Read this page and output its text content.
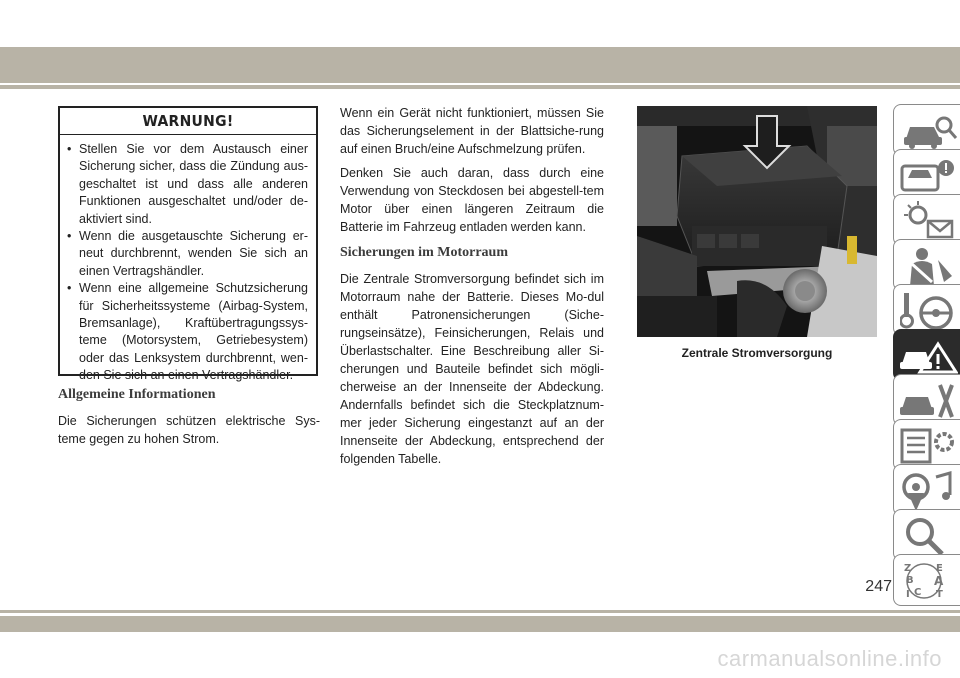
WARNUNG!
• Stellen Sie vor dem Austausch einer Sicherung sicher, dass die Zündung aus-geschaltet ist und dass alle anderen Funktionen ausgeschaltet und/oder de-aktiviert sind.
• Wenn die ausgetauschte Sicherung er-neut durchbrennt, wenden Sie sich an einen Vertragshändler.
• Wenn eine allgemeine Schutzsicherung für Sicherheitssysteme (Airbag-System, Bremsanlage), Kraftübertragungssys-teme (Motorsystem, Getriebesystem) oder das Lenksystem durchbrennt, wen-den Sie sich an einen Vertragshändler.
Allgemeine Informationen

Die Sicherungen schützen elektrische Sys-teme gegen zu hohen Strom.

Wenn ein Gerät nicht funktioniert, müssen Sie das Sicherungselement in der Blattsiche-rung auf einen Bruch/eine Aufschmelzung prüfen.

Denken Sie auch daran, dass durch eine Verwendung von Steckdosen bei abgestell-tem Motor über einen längeren Zeitraum die Batterie im Fahrzeug entladen werden kann.

Sicherungen im Motorraum

Die Zentrale Stromversorgung befindet sich im Motorraum nahe der Batterie. Dieses Mo-dul enthält Patronensicherungen (Siche-rungseinsätze), Feinsicherungen, Relais und Überlastschalter. Eine Beschreibung aller Si-cherungen und Bauteile befindet sich mögli-cherweise an der Innenseite der Abdeckung. Andernfalls befindet sich die Steckplatznum-mer jeder Sicherung eingestanzt auf an der Innenseite der Abdeckung, entsprechend der folgenden Tabelle.

Zentrale Stromversorgung
Z E
B A
C T
I
247
carmanualsonline.info
